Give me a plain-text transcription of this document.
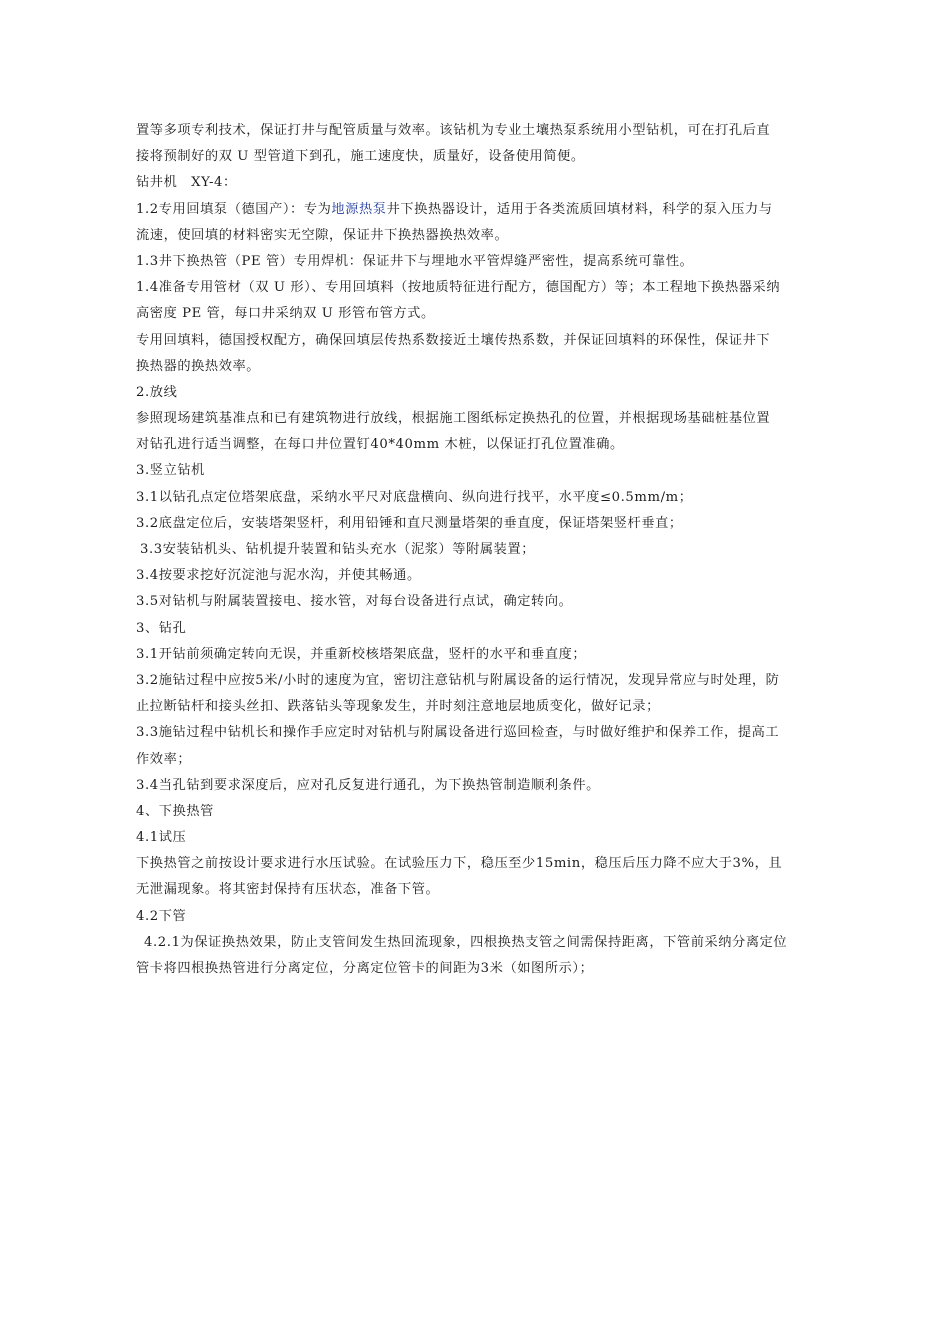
置等多项专利技术，保证打井与配管质量与效率。该钻机为专业土壤热泵系统用小型钻机，可在打孔后直
接将预制好的双 U 型管道下到孔，施工速度快，质量好，设备使用简便。
钻井机　XY-4：
1.2专用回填泵（德国产）：专为地源热泵井下换热器设计，适用于各类流质回填材料，科学的泵入压力与
流速，使回填的材料密实无空隙，保证井下换热器换热效率。
1.3井下换热管（PE 管）专用焊机：保证井下与埋地水平管焊缝严密性，提高系统可靠性。
1.4准备专用管材（双 U 形）、专用回填料（按地质特征进行配方，德国配方）等；本工程地下换热器采纳
高密度 PE 管，每口井采纳双 U 形管布管方式。
专用回填料，德国授权配方，确保回填层传热系数接近土壤传热系数，并保证回填料的环保性，保证井下
换热器的换热效率。
2.放线
参照现场建筑基准点和已有建筑物进行放线，根据施工图纸标定换热孔的位置，并根据现场基础桩基位置
对钻孔进行适当调整，在每口井位置钉40*40mm 木桩，以保证打孔位置准确。
3.竖立钻机
3.1以钻孔点定位塔架底盘，采纳水平尺对底盘横向、纵向进行找平，水平度≤0.5mm/m；
3.2底盘定位后，安装塔架竖杆，利用铅锤和直尺测量塔架的垂直度，保证塔架竖杆垂直；
3.3安装钻机头、钻机提升装置和钻头充水（泥浆）等附属装置；
3.4按要求挖好沉淀池与泥水沟，并使其畅通。
3.5对钻机与附属装置接电、接水管，对每台设备进行点试，确定转向。
3、钻孔
3.1开钻前须确定转向无误，并重新校核塔架底盘，竖杆的水平和垂直度；
3.2施钻过程中应按5米/小时的速度为宜，密切注意钻机与附属设备的运行情况，发现异常应与时处理，防
止拉断钻杆和接头丝扣、跌落钻头等现象发生，并时刻注意地层地质变化，做好记录；
3.3施钻过程中钻机长和操作手应定时对钻机与附属设备进行巡回检查，与时做好维护和保养工作，提高工
作效率；
3.4当孔钻到要求深度后，应对孔反复进行通孔，为下换热管制造顺利条件。
4、下换热管
4.1试压
下换热管之前按设计要求进行水压试验。在试验压力下，稳压至少15min，稳压后压力降不应大于3%，且
无泄漏现象。将其密封保持有压状态，准备下管。
4.2下管
4.2.1为保证换热效果，防止支管间发生热回流现象，四根换热支管之间需保持距离，下管前采纳分离定位
管卡将四根换热管进行分离定位，分离定位管卡的间距为3米（如图所示）；
